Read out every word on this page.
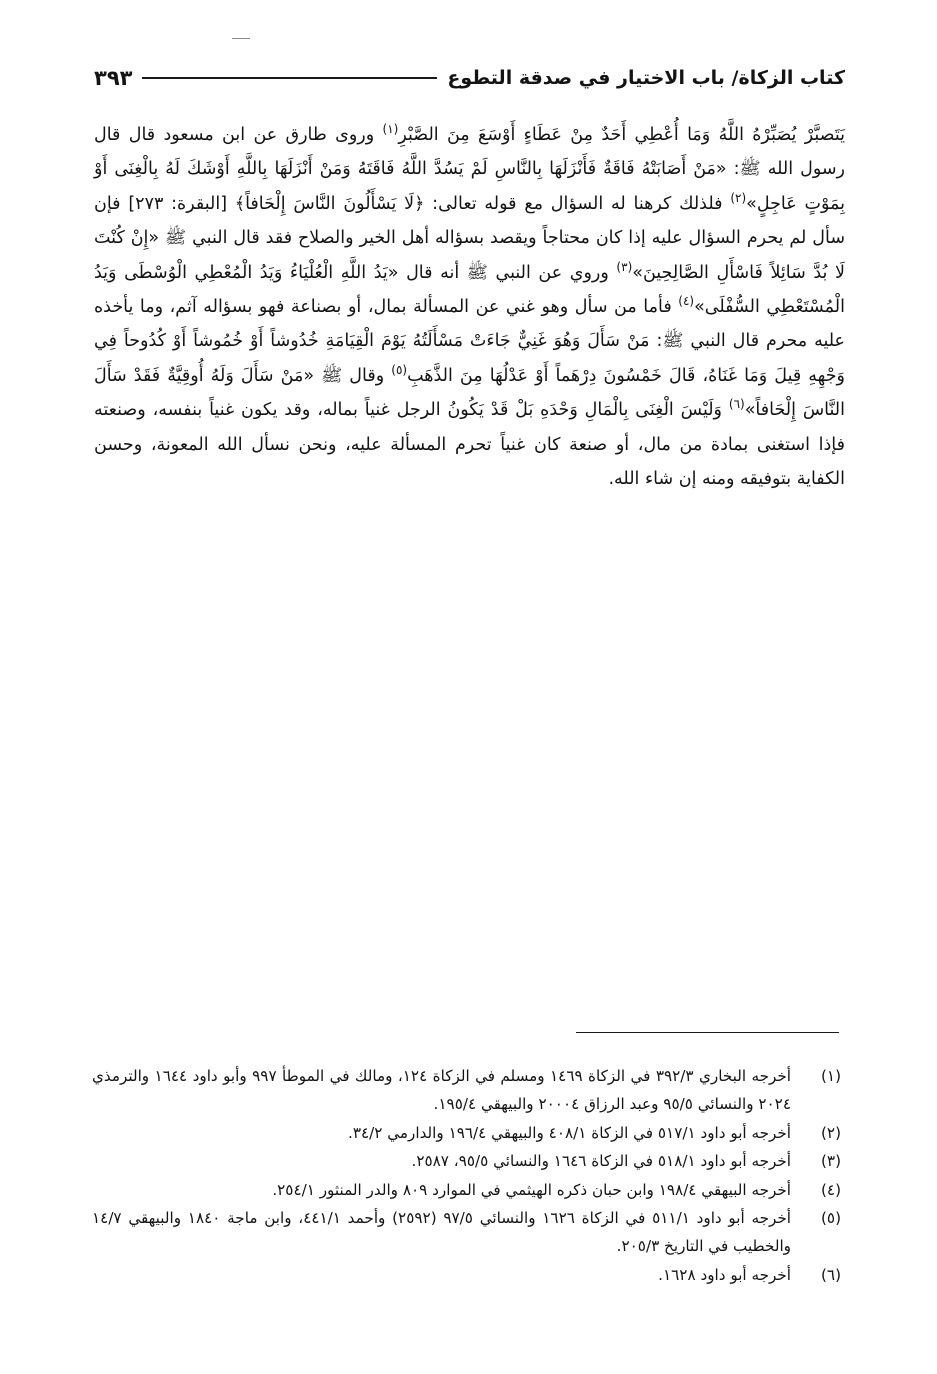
كتاب الزكاة/ باب الاختيار في صدقة التطوع
٣٩٣

يَتَصبَّرْ يُصَبِّرْهُ اللَّهُ وَمَا أُعْطِي أَحَدٌ مِنْ عَطَاءٍ أَوْسَعَ مِنَ الصَّبْرِ$^{(١)}$ وروى طارق عن ابن مسعود قال قال رسول الله ﷺ: «مَنْ أَصَابَتْهُ فَاقَةٌ فَأَنْزَلَهَا بِالنَّاسِ لَمْ يَسُدَّ اللَّهُ فَاقَتَهُ وَمَنْ أَنْزَلَهَا بِاللَّهِ أَوْشَكَ لَهُ بِالْغِنَى أَوْ بِمَوْتٍ عَاجِلٍ»$^{(٢)}$ فلذلك كرهنا له السؤال مع قوله تعالى: ﴿لَا يَسْأَلُونَ النَّاسَ إِلْحَافاً﴾ [البقرة: ٢٧٣] فإن سأل لم يحرم السؤال عليه إذا كان محتاجاً ويقصد بسؤاله أهل الخير والصلاح فقد قال النبي ﷺ «إِنْ كُنْتَ لَا بُدَّ سَائِلاً فَاسْأَلِ الصَّالِحِينَ»$^{(٣)}$ وروي عن النبي ﷺ أنه قال «يَدُ اللَّهِ الْعُلْيَاءُ وَيَدُ الْمُعْطِي الْوُسْطَى وَيَدُ الْمُسْتَعْطِي السُّفْلَى»$^{(٤)}$ فأما من سأل وهو غني عن المسألة بمال، أو بصناعة فهو بسؤاله آثم، وما يأخذه عليه محرم قال النبي ﷺ: مَنْ سَأَلَ وَهُوَ غَنِيٌّ جَاءَتْ مَسْأَلَتُهُ يَوْمَ الْقِيَامَةِ خُدُوشاً أَوْ خُمُوشاً أَوْ كُدُوحاً فِي وَجْهِهِ قِيلَ وَمَا غَنَاهُ، قَالَ خَمْسُونَ دِرْهَماً أَوْ عَدْلُهَا مِنَ الذَّهَبِ$^{(٥)}$ وقال ﷺ «مَنْ سَأَلَ وَلَهُ أُوقِيَّةٌ فَقَدْ سَأَلَ النَّاسَ إِلْحَافاً»$^{(٦)}$ وَلَيْسَ الْغِنَى بِالْمَالِ وَحْدَهِ بَلْ قَدْ يَكُونُ الرجل غنياً بماله، وقد يكون غنياً بنفسه، وصنعته فإذا استغنى بمادة من مال، أو صنعة كان غنياً تحرم المسألة عليه، ونحن نسأل الله المعونة، وحسن الكفاية بتوفيقه ومنه إن شاء الله.

(١)
أخرجه البخاري ٣٩٢/٣ في الزكاة ١٤٦٩ ومسلم في الزكاة ١٢٤، ومالك في الموطأ ٩٩٧ وأبو داود ١٦٤٤ والترمذي ٢٠٢٤ والنسائي ٩٥/٥ وعبد الرزاق ٢٠٠٠٤ والبيهقي ١٩٥/٤.
(٢)
أخرجه أبو داود ٥١٧/١ في الزكاة ٤٠٨/١ والبيهقي ١٩٦/٤ والدارمي ٣٤/٢.
(٣)
أخرجه أبو داود ٥١٨/١ في الزكاة ١٦٤٦ والنسائي ٩٥/٥، ٢٥٨٧.
(٤)
أخرجه البيهقي ١٩٨/٤ وابن حبان ذكره الهيثمي في الموارد ٨٠٩ والدر المنثور ٢٥٤/١.
(٥)
أخرجه أبو داود ٥١١/١ في الزكاة ١٦٢٦ والنسائي ٩٧/٥ (٢٥٩٢) وأحمد ٤٤١/١، وابن ماجة ١٨٤٠ والبيهقي ١٤/٧ والخطيب في التاريخ ٢٠٥/٣.
(٦)
أخرجه أبو داود ١٦٢٨.
